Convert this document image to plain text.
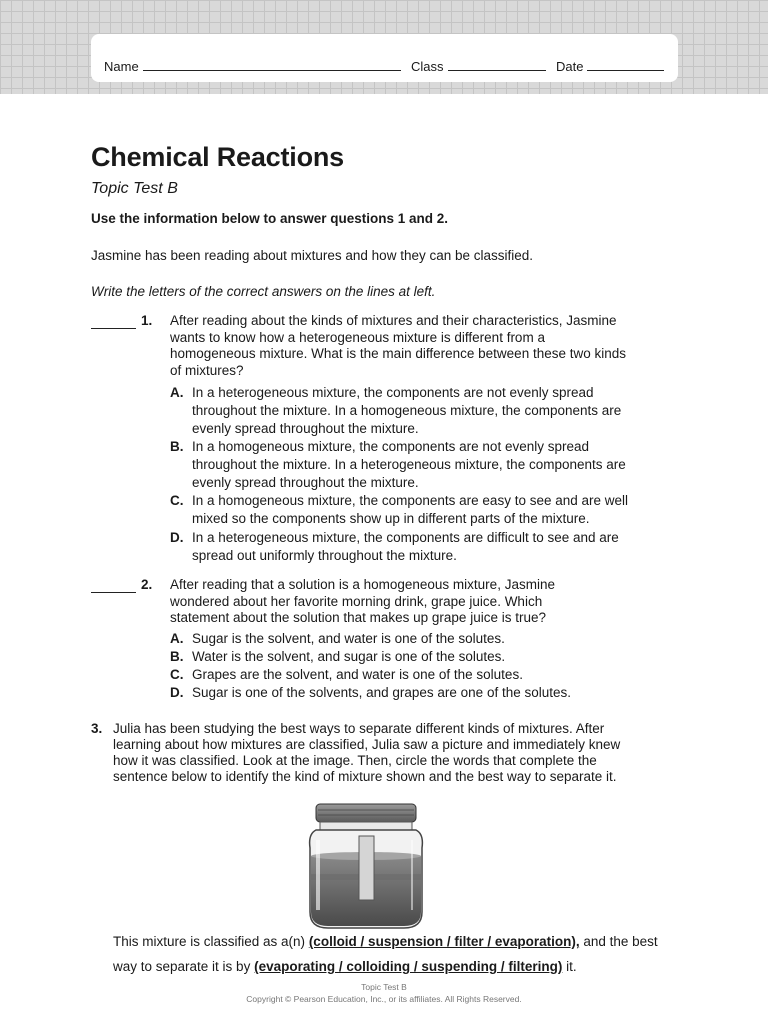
Name	Class	Date
Chemical Reactions
Topic Test B
Use the information below to answer questions 1 and 2.
Jasmine has been reading about mixtures and how they can be classified.
Write the letters of the correct answers on the lines at left.
1. After reading about the kinds of mixtures and their characteristics, Jasmine wants to know how a heterogeneous mixture is different from a homogeneous mixture. What is the main difference between these two kinds of mixtures?
A. In a heterogeneous mixture, the components are not evenly spread throughout the mixture. In a homogeneous mixture, the components are evenly spread throughout the mixture.
B. In a homogeneous mixture, the components are not evenly spread throughout the mixture. In a heterogeneous mixture, the components are evenly spread throughout the mixture.
C. In a homogeneous mixture, the components are easy to see and are well mixed so the components show up in different parts of the mixture.
D. In a heterogeneous mixture, the components are difficult to see and are spread out uniformly throughout the mixture.
2. After reading that a solution is a homogeneous mixture, Jasmine wondered about her favorite morning drink, grape juice. Which statement about the solution that makes up grape juice is true?
A. Sugar is the solvent, and water is one of the solutes.
B. Water is the solvent, and sugar is one of the solutes.
C. Grapes are the solvent, and water is one of the solutes.
D. Sugar is one of the solvents, and grapes are one of the solutes.
3. Julia has been studying the best ways to separate different kinds of mixtures. After learning about how mixtures are classified, Julia saw a picture and immediately knew how it was classified. Look at the image. Then, circle the words that complete the sentence below to identify the kind of mixture shown and the best way to separate it.
This mixture is classified as a(n) (colloid / suspension / filter / evaporation), and the best
way to separate it is by (evaporating / colloiding / suspending / filtering) it.
Topic Test B
Copyright © Pearson Education, Inc., or its affiliates. All Rights Reserved.
